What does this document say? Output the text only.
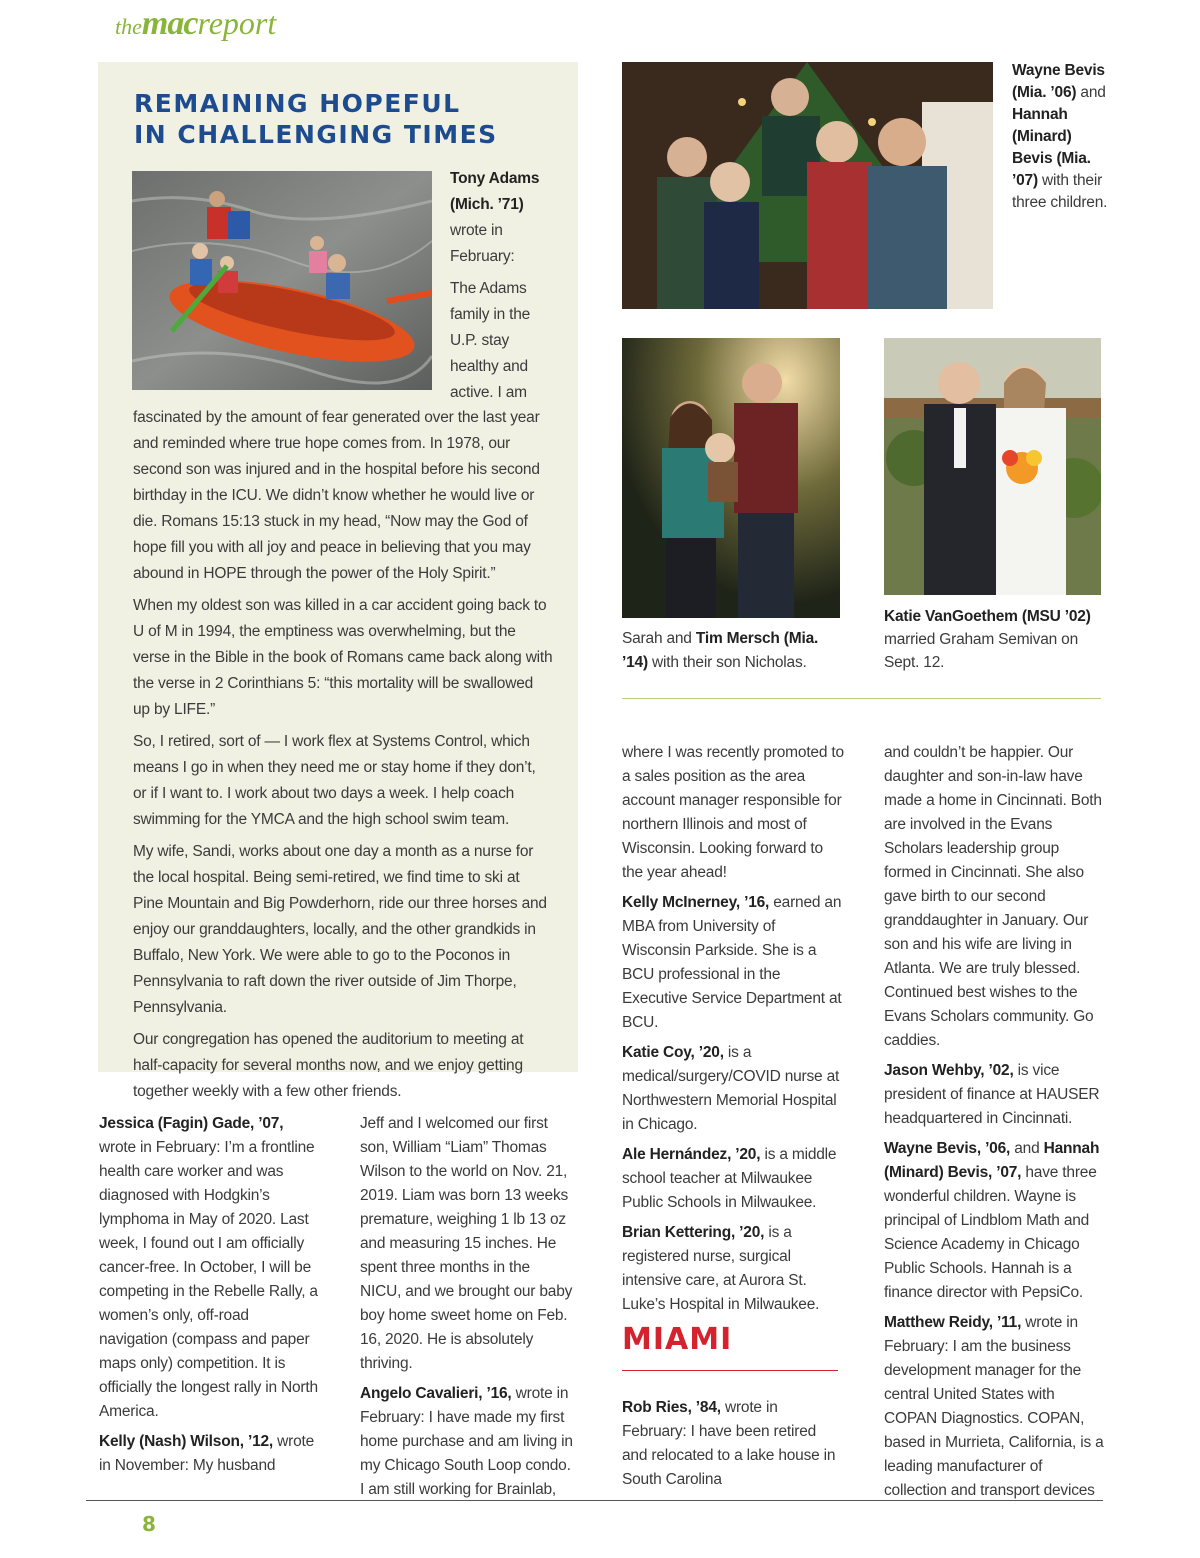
themacreport
REMAINING HOPEFUL
IN CHALLENGING TIMES

Tony Adams (Mich. ’71) wrote in February:

The Adams family in the U.P. stay healthy and active. I am

fascinated by the amount of fear generated over the last year and reminded where true hope comes from. In 1978, our second son was injured and in the hospital before his second birthday in the ICU. We didn’t know whether he would live or die. Romans 15:13 stuck in my head, “Now may the God of hope fill you with all joy and peace in believing that you may abound in HOPE through the power of the Holy Spirit.”

When my oldest son was killed in a car accident going back to U of M in 1994, the emptiness was overwhelming, but the verse in the Bible in the book of Romans came back along with the verse in 2 Corinthians 5: “this mortality will be swallowed up by LIFE.”

So, I retired, sort of — I work flex at Systems Control, which means I go in when they need me or stay home if they don’t, or if I want to. I work about two days a week. I help coach swimming for the YMCA and the high school swim team.

My wife, Sandi, works about one day a month as a nurse for the local hospital. Being semi-retired, we find time to ski at Pine Mountain and Big Powderhorn, ride our three horses and enjoy our granddaughters, locally, and the other grandkids in Buffalo, New York. We were able to go to the Poconos in Pennsylvania to raft down the river outside of Jim Thorpe, Pennsylvania.

Our congregation has opened the auditorium to meeting at half-capacity for several months now, and we enjoy getting together weekly with a few other friends.

Wayne Bevis (Mia. ’06) and Hannah (Minard) Bevis (Mia. ’07) with their three children.
Sarah and Tim Mersch (Mia. ’14) with their son Nicholas.
Katie VanGoethem (MSU ’02)
married Graham Semivan on Sept. 12.

Jessica (Fagin) Gade, ’07, wrote in February: I’m a frontline health care worker and was diagnosed with Hodgkin’s lymphoma in May of 2020. Last week, I found out I am officially cancer-free. In October, I will be competing in the Rebelle Rally, a women’s only, off-road navigation (compass and paper maps only) competition. It is officially the longest rally in North America.

Kelly (Nash) Wilson, ’12, wrote in November: My husband

Jeff and I welcomed our first son, William “Liam” Thomas Wilson to the world on Nov. 21, 2019. Liam was born 13 weeks premature, weighing 1 lb 13 oz and measuring 15 inches. He spent three months in the NICU, and we brought our baby boy home sweet home on Feb. 16, 2020. He is absolutely thriving.

Angelo Cavalieri, ’16, wrote in February: I have made my first home purchase and am living in my Chicago South Loop condo. I am still working for Brainlab,

where I was recently promoted to a sales position as the area account manager responsible for northern Illinois and most of Wisconsin. Looking forward to the year ahead!

Kelly McInerney, ’16, earned an MBA from University of Wisconsin Parkside. She is a BCU professional in the Executive Service Department at BCU.

Katie Coy, ’20, is a medical/surgery/COVID nurse at Northwestern Memorial Hospital in Chicago.

Ale Hernández, ’20, is a middle school teacher at Milwaukee Public Schools in Milwaukee.

Brian Kettering, ’20, is a registered nurse, surgical intensive care, at Aurora St. Luke’s Hospital in Milwaukee.

MIAMI

Rob Ries, ’84, wrote in February: I have been retired and relocated to a lake house in South Carolina

and couldn’t be happier. Our daughter and son-in-law have made a home in Cincinnati. Both are involved in the Evans Scholars leadership group formed in Cincinnati. She also gave birth to our second granddaughter in January. Our son and his wife are living in Atlanta. We are truly blessed. Continued best wishes to the Evans Scholars community. Go caddies.

Jason Wehby, ’02, is vice president of finance at HAUSER headquartered in Cincinnati.

Wayne Bevis, ’06, and Hannah (Minard) Bevis, ’07, have three wonderful children. Wayne is principal of Lindblom Math and Science Academy in Chicago Public Schools. Hannah is a finance director with PepsiCo.

Matthew Reidy, ’11, wrote in February: I am the business development manager for the central United States with COPAN Diagnostics. COPAN, based in Murrieta, California, is a leading manufacturer of collection and transport devices

8
